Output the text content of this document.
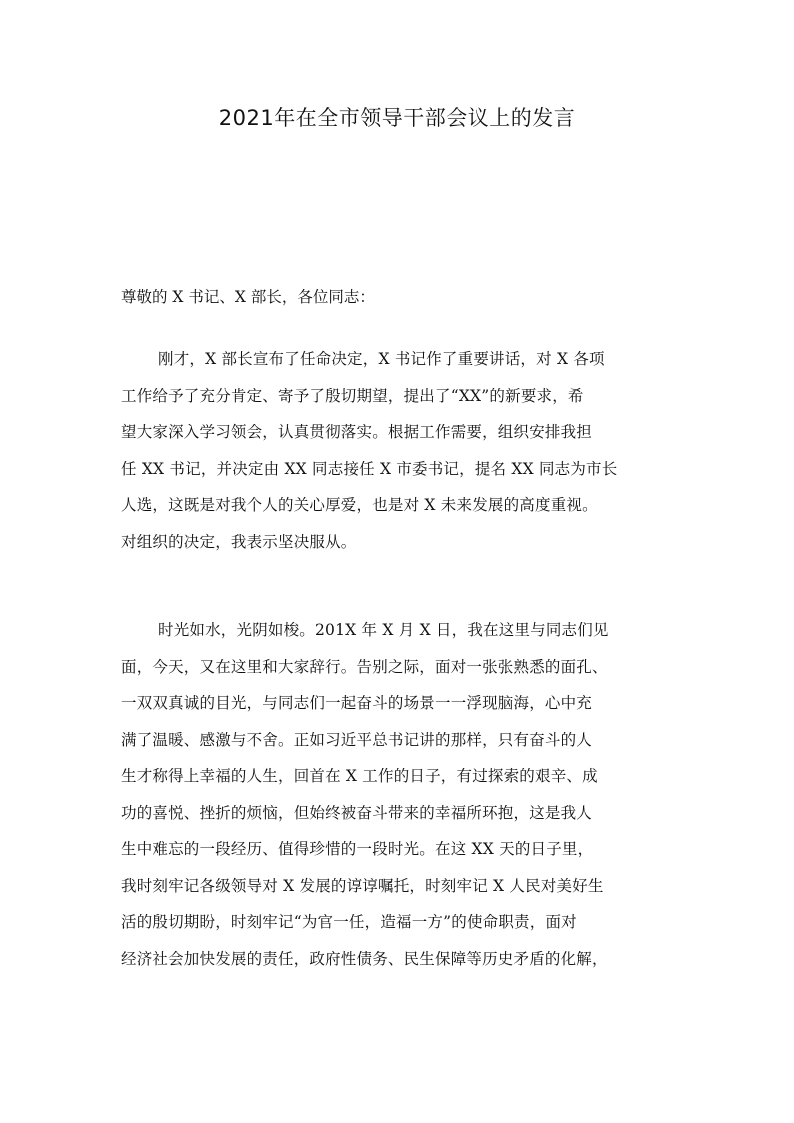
2021年在全市领导干部会议上的发言
尊敬的 X 书记、X 部长，各位同志：
刚才，X 部长宣布了任命决定，X 书记作了重要讲话，对 X 各项
工作给予了充分肯定、寄予了殷切期望，提出了“XX”的新要求，希
望大家深入学习领会，认真贯彻落实。根据工作需要，组织安排我担
任 XX 书记，并决定由 XX 同志接任 X 市委书记，提名 XX 同志为市长
人选，这既是对我个人的关心厚爱，也是对 X 未来发展的高度重视。
对组织的决定，我表示坚决服从。
时光如水，光阴如梭。201X 年 X 月 X 日，我在这里与同志们见
面，今天，又在这里和大家辞行。告别之际，面对一张张熟悉的面孔、
一双双真诚的目光，与同志们一起奋斗的场景一一浮现脑海，心中充
满了温暖、感激与不舍。正如习近平总书记讲的那样，只有奋斗的人
生才称得上幸福的人生，回首在 X 工作的日子，有过探索的艰辛、成
功的喜悦、挫折的烦恼，但始终被奋斗带来的幸福所环抱，这是我人
生中难忘的一段经历、值得珍惜的一段时光。在这 XX 天的日子里，
我时刻牢记各级领导对 X 发展的谆谆嘱托，时刻牢记 X 人民对美好生
活的殷切期盼，时刻牢记“为官一任，造福一方”的使命职责，面对
经济社会加快发展的责任，政府性债务、民生保障等历史矛盾的化解，
